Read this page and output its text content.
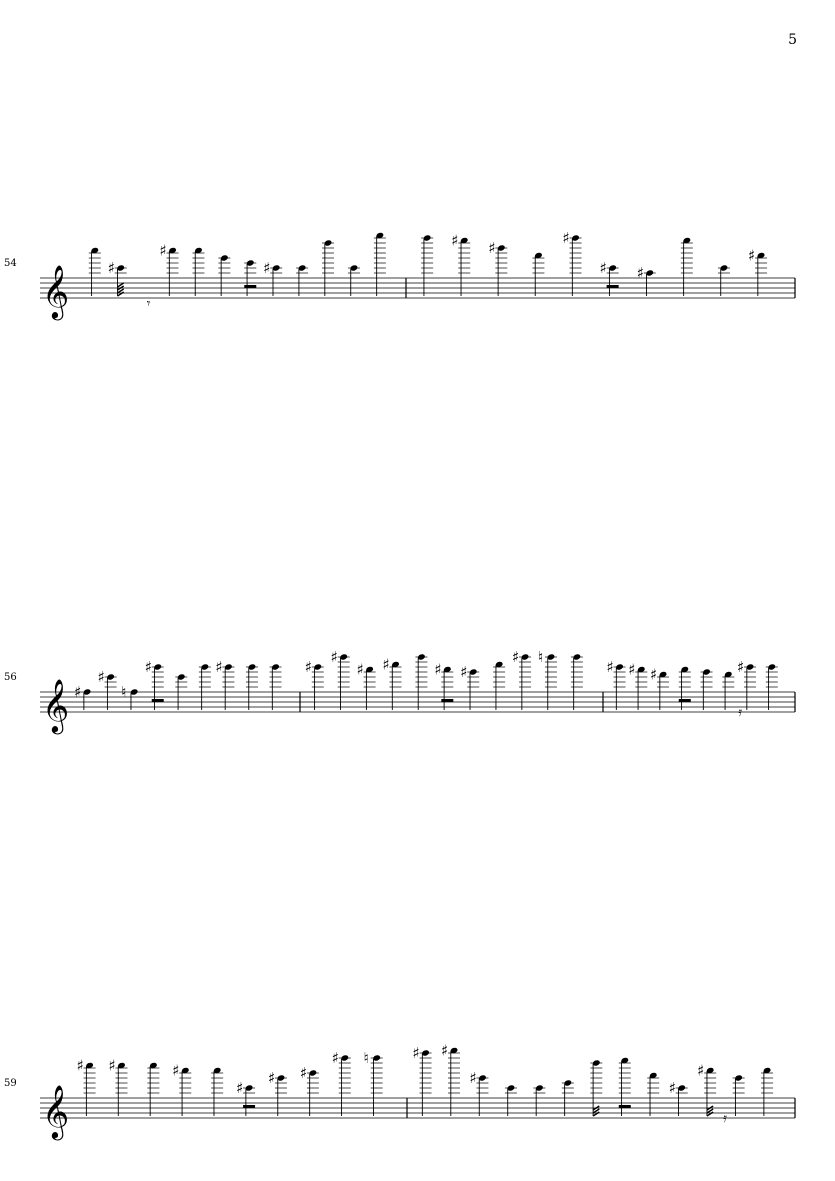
5
𝄞
54	♯
𝄾
♯
♯
♯ ♯
♯
♯ ♯
♯
𝄞
56
♯
♯
♮
♯	♯	♯
♯
♯ ♯	♯ ♯
♯ ♮
♯ ♯ ♯
𝄿
♯
𝄞
59
♯ ♯	♯
♯
♯ ♯
♯ ♮	♯ ♯
♯
♯
♯
𝄿
